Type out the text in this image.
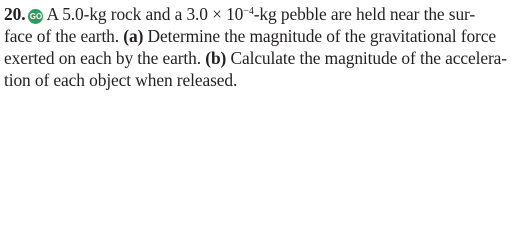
20. GO A 5.0-kg rock and a $3.0 \times 10^{-4}-kg$ pebble are held near the sur-
face of the earth. (a) Determine the magnitude of the gravitational force
exerted on each by the earth. (b) Calculate the magnitude of the accelera-
tion of each object when released.
